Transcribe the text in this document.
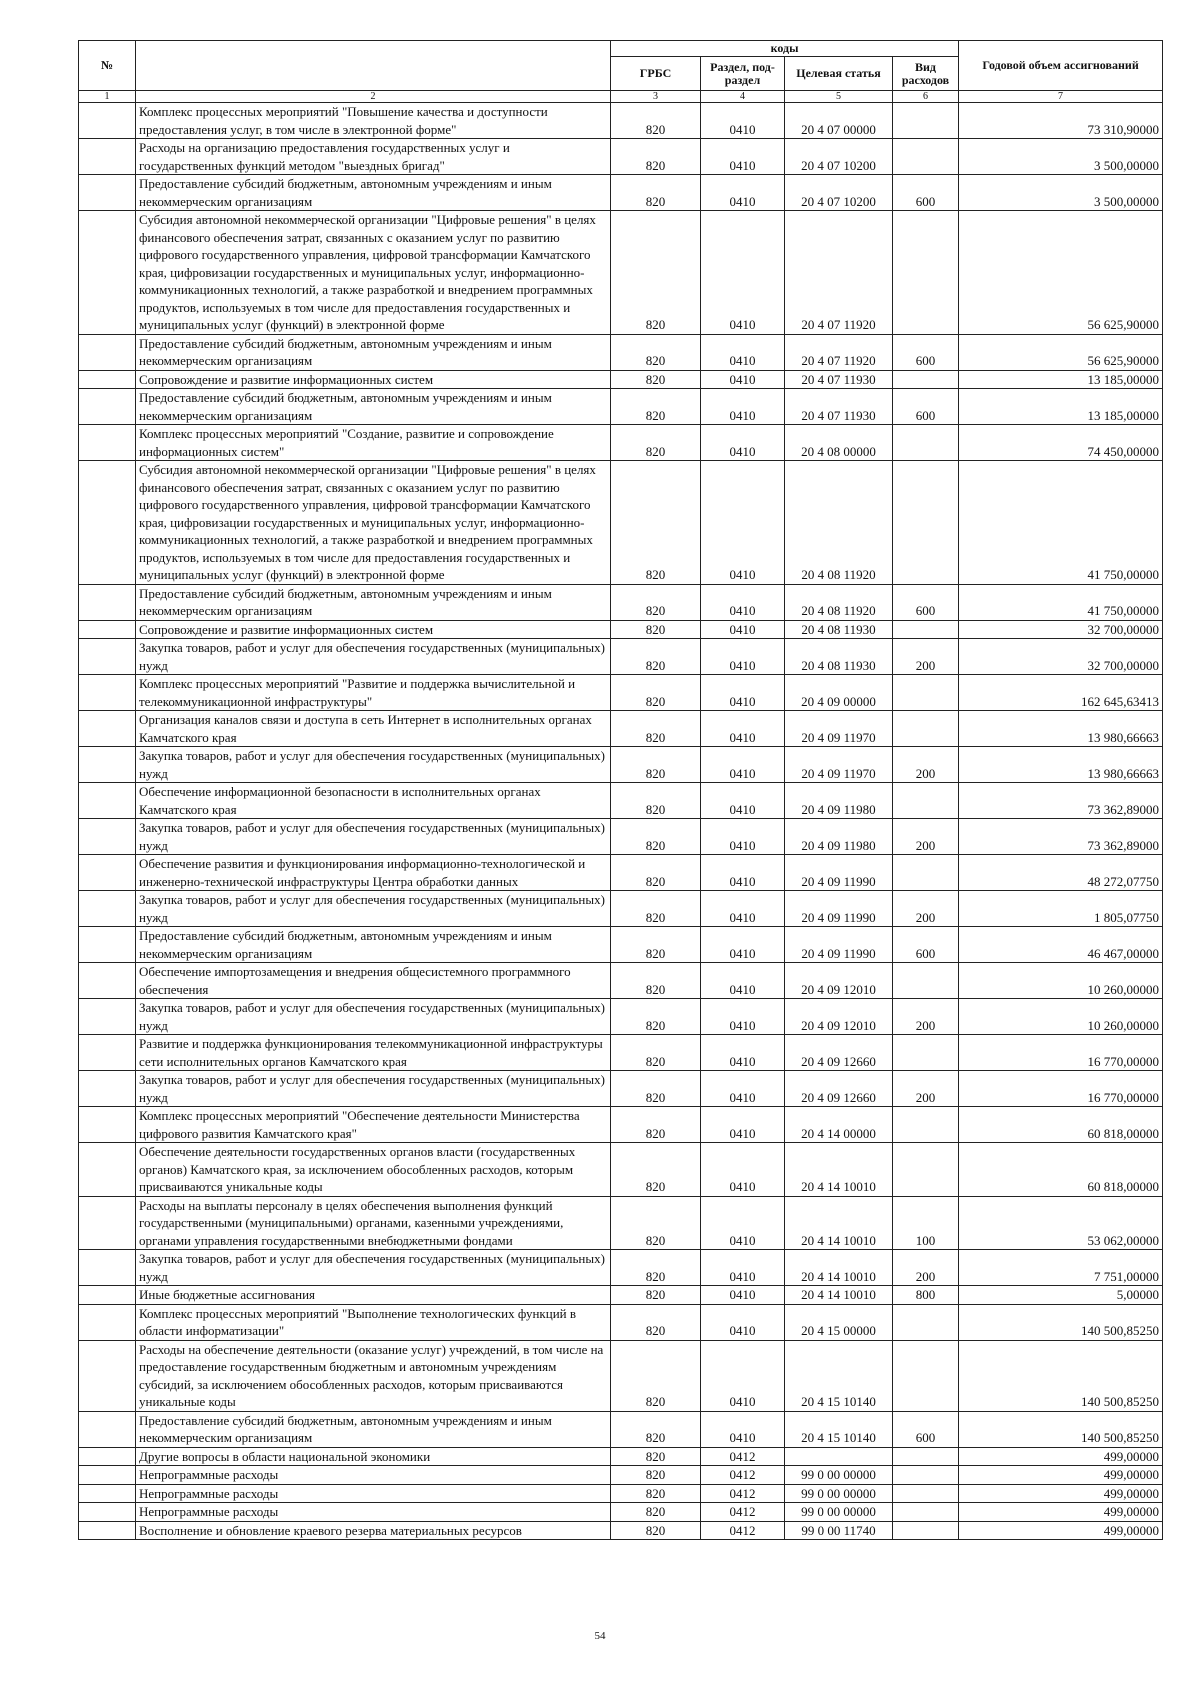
№		коды				Годовой объем ассигнований
		ГРБС	Раздел, под-раздел	Целевая статья	Вид расходов	
1	2	3	4	5	6	7
	Комплекс процессных мероприятий "Повышение качества и доступности предоставления услуг, в том числе в электронной форме"	820	0410	20 4 07 00000		73 310,90000
	Расходы на организацию предоставления государственных услуг и государственных функций методом "выездных бригад"	820	0410	20 4 07 10200		3 500,00000
	Предоставление субсидий бюджетным, автономным учреждениям и иным некоммерческим организациям	820	0410	20 4 07 10200	600	3 500,00000
	Субсидия автономной некоммерческой организации "Цифровые решения" в целях финансового обеспечения затрат, связанных с оказанием услуг по развитию цифрового государственного управления, цифровой трансформации Камчатского края, цифровизации государственных и муниципальных услуг, информационно-коммуникационных технологий, а также разработкой и внедрением программных продуктов, используемых в том числе для предоставления государственных и муниципальных услуг (функций) в электронной форме	820	0410	20 4 07 11920		56 625,90000
	Предоставление субсидий бюджетным, автономным учреждениям и иным некоммерческим организациям	820	0410	20 4 07 11920	600	56 625,90000
	Сопровождение и развитие информационных систем	820	0410	20 4 07 11930		13 185,00000
	Предоставление субсидий бюджетным, автономным учреждениям и иным некоммерческим организациям	820	0410	20 4 07 11930	600	13 185,00000
	Комплекс процессных мероприятий "Создание, развитие и сопровождение информационных систем"	820	0410	20 4 08 00000		74 450,00000
	Субсидия автономной некоммерческой организации "Цифровые решения" в целях финансового обеспечения затрат, связанных с оказанием услуг по развитию цифрового государственного управления, цифровой трансформации Камчатского края, цифровизации государственных и муниципальных услуг, информационно-коммуникационных технологий, а также разработкой и внедрением программных продуктов, используемых в том числе для предоставления государственных и муниципальных услуг (функций) в электронной форме	820	0410	20 4 08 11920		41 750,00000
	Предоставление субсидий бюджетным, автономным учреждениям и иным некоммерческим организациям	820	0410	20 4 08 11920	600	41 750,00000
	Сопровождение и развитие информационных систем	820	0410	20 4 08 11930		32 700,00000
	Закупка товаров, работ и услуг для обеспечения государственных (муниципальных) нужд	820	0410	20 4 08 11930	200	32 700,00000
	Комплекс процессных мероприятий "Развитие и поддержка вычислительной и телекоммуникационной инфраструктуры"	820	0410	20 4 09 00000		162 645,63413
	Организация каналов связи и доступа в сеть Интернет в исполнительных органах Камчатского края	820	0410	20 4 09 11970		13 980,66663
	Закупка товаров, работ и услуг для обеспечения государственных (муниципальных) нужд	820	0410	20 4 09 11970	200	13 980,66663
	Обеспечение информационной безопасности в исполнительных органах Камчатского края	820	0410	20 4 09 11980		73 362,89000
	Закупка товаров, работ и услуг для обеспечения государственных (муниципальных) нужд	820	0410	20 4 09 11980	200	73 362,89000
	Обеспечение развития и функционирования информационно-технологической и инженерно-технической инфраструктуры Центра обработки данных	820	0410	20 4 09 11990		48 272,07750
	Закупка товаров, работ и услуг для обеспечения государственных (муниципальных) нужд	820	0410	20 4 09 11990	200	1 805,07750
	Предоставление субсидий бюджетным, автономным учреждениям и иным некоммерческим организациям	820	0410	20 4 09 11990	600	46 467,00000
	Обеспечение импортозамещения и внедрения общесистемного программного обеспечения	820	0410	20 4 09 12010		10 260,00000
	Закупка товаров, работ и услуг для обеспечения государственных (муниципальных) нужд	820	0410	20 4 09 12010	200	10 260,00000
	Развитие и поддержка функционирования телекоммуникационной инфраструктуры сети исполнительных органов Камчатского края	820	0410	20 4 09 12660		16 770,00000
	Закупка товаров, работ и услуг для обеспечения государственных (муниципальных) нужд	820	0410	20 4 09 12660	200	16 770,00000
	Комплекс процессных мероприятий "Обеспечение деятельности Министерства цифрового развития Камчатского края"	820	0410	20 4 14 00000		60 818,00000
	Обеспечение деятельности государственных органов власти (государственных органов) Камчатского края, за исключением обособленных расходов, которым присваиваются уникальные коды	820	0410	20 4 14 10010		60 818,00000
	Расходы на выплаты персоналу в целях обеспечения выполнения функций государственными (муниципальными) органами, казенными учреждениями, органами управления государственными внебюджетными фондами	820	0410	20 4 14 10010	100	53 062,00000
	Закупка товаров, работ и услуг для обеспечения государственных (муниципальных) нужд	820	0410	20 4 14 10010	200	7 751,00000
	Иные бюджетные ассигнования	820	0410	20 4 14 10010	800	5,00000
	Комплекс процессных мероприятий "Выполнение технологических функций в области информатизации"	820	0410	20 4 15 00000		140 500,85250
	Расходы на обеспечение деятельности (оказание услуг) учреждений, в том числе на предоставление государственным бюджетным и автономным учреждениям субсидий, за исключением обособленных расходов, которым присваиваются уникальные коды	820	0410	20 4 15 10140		140 500,85250
	Предоставление субсидий бюджетным, автономным учреждениям и иным некоммерческим организациям	820	0410	20 4 15 10140	600	140 500,85250
	Другие вопросы в области национальной экономики	820	0412			499,00000
	Непрограммные расходы	820	0412	99 0 00 00000		499,00000
	Непрограммные расходы	820	0412	99 0 00 00000		499,00000
	Непрограммные расходы	820	0412	99 0 00 00000		499,00000
	Восполнение и обновление краевого резерва материальных ресурсов	820	0412	99 0 00 11740		499,00000
54
